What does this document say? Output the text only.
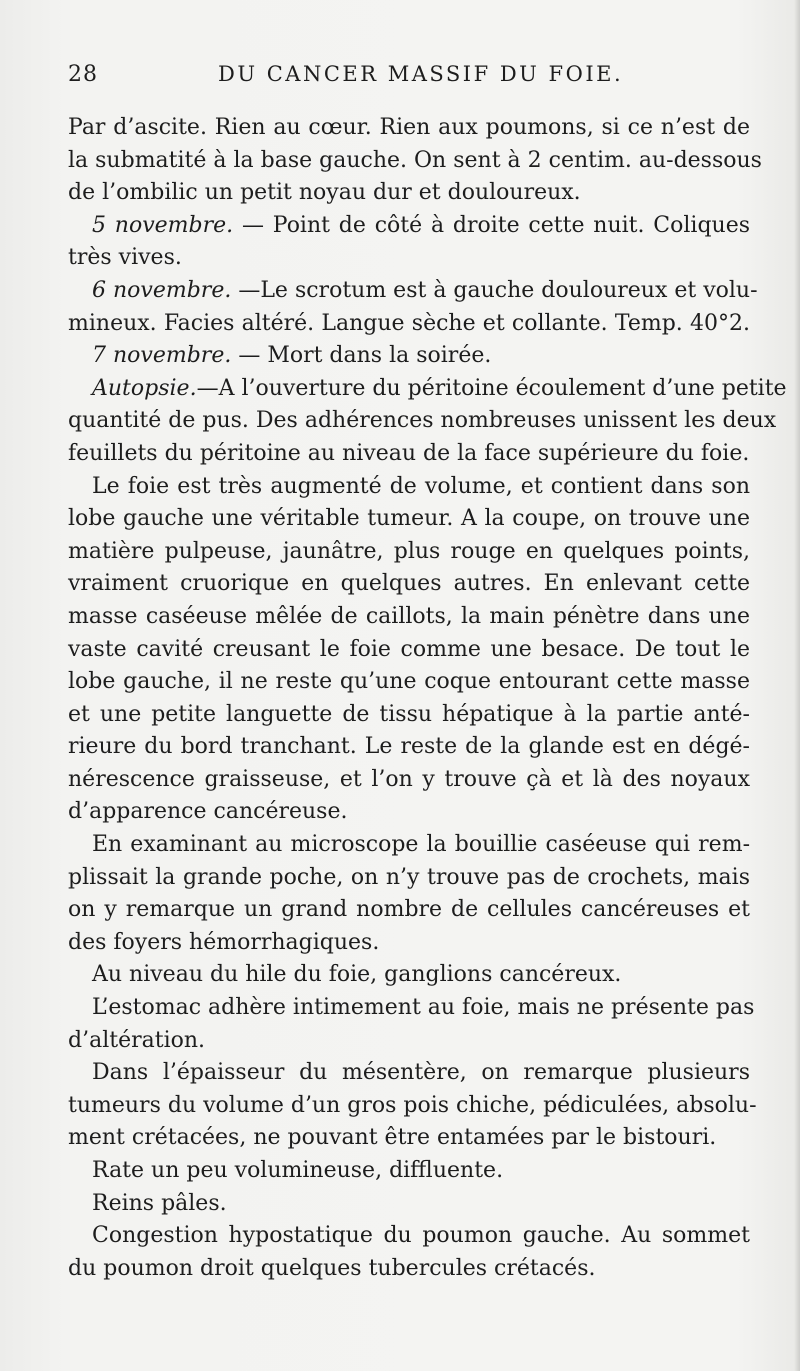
28	DU CANCER MASSIF DU FOIE.
Par d’ascite. Rien au cœur. Rien aux poumons, si ce n’est de
la submatité à la base gauche. On sent à 2 centim. au-dessous
de l’ombilic un petit noyau dur et douloureux.
5 novembre. — Point de côté à droite cette nuit. Coliques
très vives.
6 novembre. —Le scrotum est à gauche douloureux et volu-
mineux. Facies altéré. Langue sèche et collante. Temp. 40°2.
7 novembre. — Mort dans la soirée.
Autopsie.—A l’ouverture du péritoine écoulement d’une petite
quantité de pus. Des adhérences nombreuses unissent les deux
feuillets du péritoine au niveau de la face supérieure du foie.
Le foie est très augmenté de volume, et contient dans son
lobe gauche une véritable tumeur. A la coupe, on trouve une
matière pulpeuse, jaunâtre, plus rouge en quelques points,
vraiment cruorique en quelques autres. En enlevant cette
masse caséeuse mêlée de caillots, la main pénètre dans une
vaste cavité creusant le foie comme une besace. De tout le
lobe gauche, il ne reste qu’une coque entourant cette masse
et une petite languette de tissu hépatique à la partie anté-
rieure du bord tranchant. Le reste de la glande est en dégé-
nérescence graisseuse, et l’on y trouve çà et là des noyaux
d’apparence cancéreuse.
En examinant au microscope la bouillie caséeuse qui rem-
plissait la grande poche, on n’y trouve pas de crochets, mais
on y remarque un grand nombre de cellules cancéreuses et
des foyers hémorrhagiques.
Au niveau du hile du foie, ganglions cancéreux.
L’estomac adhère intimement au foie, mais ne présente pas
d’altération.
Dans l’épaisseur du mésentère, on remarque plusieurs
tumeurs du volume d’un gros pois chiche, pédiculées, absolu-
ment crétacées, ne pouvant être entamées par le bistouri.
Rate un peu volumineuse, diffluente.
Reins pâles.
Congestion hypostatique du poumon gauche. Au sommet
du poumon droit quelques tubercules crétacés.
